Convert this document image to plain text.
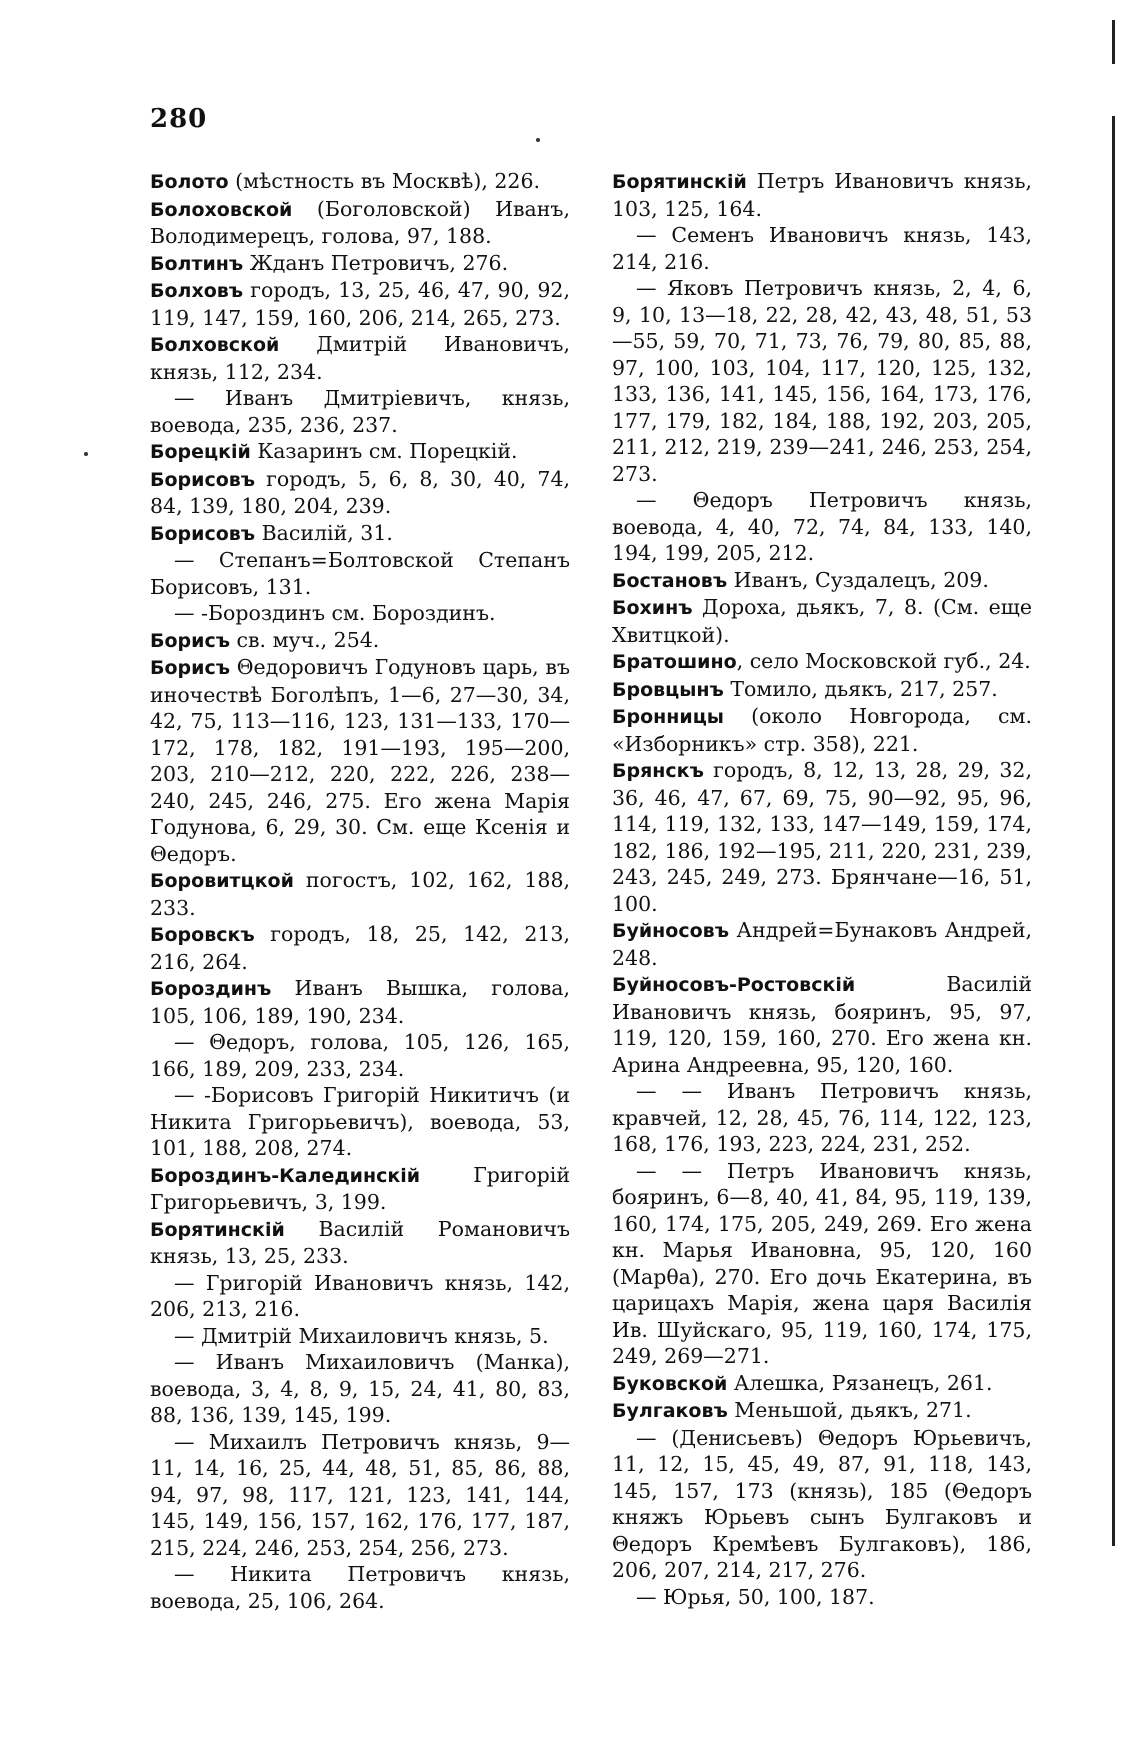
280

Болото (мѣстность въ Москвѣ), 226.

Болоховской (Боголовской) Иванъ, Володимерецъ, голова, 97, 188.

Болтинъ Жданъ Петровичъ, 276.

Болховъ городъ, 13, 25, 46, 47, 90, 92, 119, 147, 159, 160, 206, 214, 265, 273.

Болховской Дмитрій Ивановичъ, князь, 112, 234.

— Иванъ Дмитріевичъ, князь, воевода, 235, 236, 237.

Борецкій Казаринъ см. Порецкій.

Борисовъ городъ, 5, 6, 8, 30, 40, 74, 84, 139, 180, 204, 239.

Борисовъ Василій, 31.

— Степанъ=Болтовской Степанъ Борисовъ, 131.

— -Бороздинъ см. Бороздинъ.

Борисъ св. муч., 254.

Борисъ Θедоровичъ Годуновъ царь, въ иночествѣ Боголѣпъ, 1—6, 27—30, 34, 42, 75, 113—116, 123, 131—133, 170—172, 178, 182, 191—193, 195—200, 203, 210—212, 220, 222, 226, 238—240, 245, 246, 275. Его жена Марія Годунова, 6, 29, 30. См. еще Ксенія и Θедоръ.

Боровитцкой погостъ, 102, 162, 188, 233.

Боровскъ городъ, 18, 25, 142, 213, 216, 264.

Бороздинъ Иванъ Вышка, голова, 105, 106, 189, 190, 234.

— Θедоръ, голова, 105, 126, 165, 166, 189, 209, 233, 234.

— -Борисовъ Григорій Никитичъ (и Никита Григорьевичъ), воевода, 53, 101, 188, 208, 274.

Бороздинъ-Калединскій Григорій Григорьевичъ, 3, 199.

Борятинскій Василій Романовичъ князь, 13, 25, 233.

— Григорій Ивановичъ князь, 142, 206, 213, 216.

— Дмитрій Михаиловичъ князь, 5.

— Иванъ Михаиловичъ (Манка), воевода, 3, 4, 8, 9, 15, 24, 41, 80, 83, 88, 136, 139, 145, 199.

— Михаилъ Петровичъ князь, 9—11, 14, 16, 25, 44, 48, 51, 85, 86, 88, 94, 97, 98, 117, 121, 123, 141, 144, 145, 149, 156, 157, 162, 176, 177, 187, 215, 224, 246, 253, 254, 256, 273.

— Никита Петровичъ князь, воевода, 25, 106, 264.

Борятинскій Петръ Ивановичъ князь, 103, 125, 164.

— Семенъ Ивановичъ князь, 143, 214, 216.

— Яковъ Петровичъ князь, 2, 4, 6, 9, 10, 13—18, 22, 28, 42, 43, 48, 51, 53—55, 59, 70, 71, 73, 76, 79, 80, 85, 88, 97, 100, 103, 104, 117, 120, 125, 132, 133, 136, 141, 145, 156, 164, 173, 176, 177, 179, 182, 184, 188, 192, 203, 205, 211, 212, 219, 239—241, 246, 253, 254, 273.

— Θедоръ Петровичъ князь, воевода, 4, 40, 72, 74, 84, 133, 140, 194, 199, 205, 212.

Бостановъ Иванъ, Суздалецъ, 209.

Бохинъ Дороха, дьякъ, 7, 8. (См. еще Хвитцкой).

Братошино, село Московской губ., 24.

Бровцынъ Томило, дьякъ, 217, 257.

Бронницы (около Новгорода, см. «Изборникъ» стр. 358), 221.

Брянскъ городъ, 8, 12, 13, 28, 29, 32, 36, 46, 47, 67, 69, 75, 90—92, 95, 96, 114, 119, 132, 133, 147—149, 159, 174, 182, 186, 192—195, 211, 220, 231, 239, 243, 245, 249, 273. Брянчане—16, 51, 100.

Буйносовъ Андрей=Бунаковъ Андрей, 248.

Буйносовъ-Ростовскій Василій Ивановичъ князь, бояринъ, 95, 97, 119, 120, 159, 160, 270. Его жена кн. Арина Андреевна, 95, 120, 160.

— — Иванъ Петровичъ князь, кравчей, 12, 28, 45, 76, 114, 122, 123, 168, 176, 193, 223, 224, 231, 252.

— — Петръ Ивановичъ князь, бояринъ, 6—8, 40, 41, 84, 95, 119, 139, 160, 174, 175, 205, 249, 269. Его жена кн. Марья Ивановна, 95, 120, 160 (Марθа), 270. Его дочь Екатерина, въ царицахъ Марія, жена царя Василія Ив. Шуйскаго, 95, 119, 160, 174, 175, 249, 269—271.

Буковской Алешка, Рязанецъ, 261.

Булгаковъ Меньшой, дьякъ, 271.

— (Денисьевъ) Θедоръ Юрьевичъ, 11, 12, 15, 45, 49, 87, 91, 118, 143, 145, 157, 173 (князь), 185 (Θедоръ княжъ Юрьевъ сынъ Булгаковъ и Θедоръ Кремѣевъ Булгаковъ), 186, 206, 207, 214, 217, 276.

— Юрья, 50, 100, 187.
